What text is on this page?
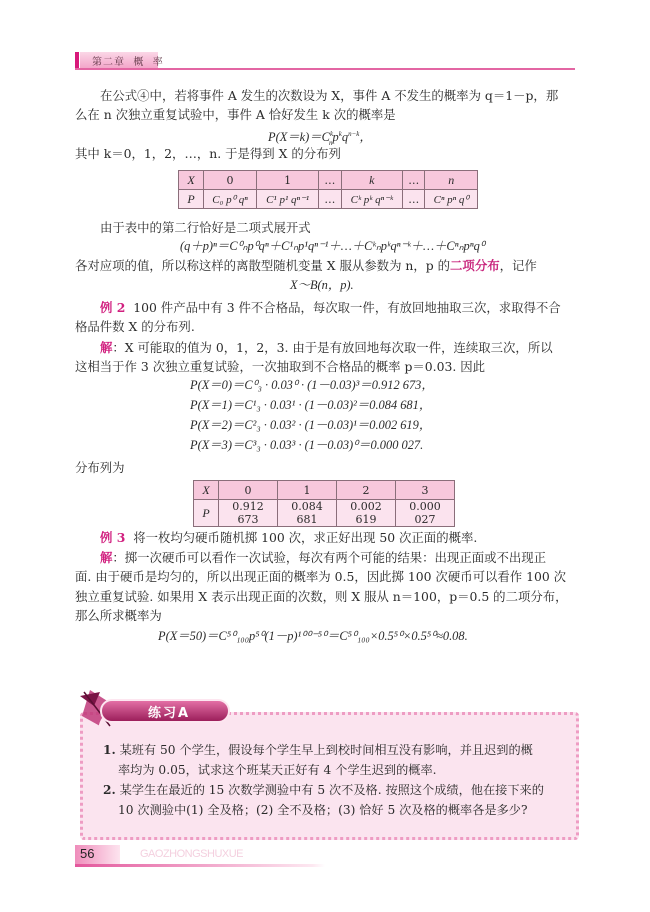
第二章  概  率
在公式④中，若将事件 A 发生的次数设为 X，事件 A 不发生的概率为 q＝1－p，那
么在 n 次独立重复试验中，事件 A 恰好发生 k 次的概率是
$P(X=k)=C^k_np^kq^{n-k}$，
其中 k＝0，1，2，…，n. 于是得到 X 的分布列
X	0	1	…	k	…	n
P	C₀ p⁰ qⁿ	C¹ p¹ qⁿ⁻¹	…	Cᵏ pᵏ qⁿ⁻ᵏ	…	Cⁿ pⁿ q⁰
由于表中的第二行恰好是二项式展开式
(q＋p)ⁿ＝C⁰ₙp⁰qⁿ＋C¹ₙp¹qⁿ⁻¹＋…＋Cᵏₙpᵏqⁿ⁻ᵏ＋…＋Cⁿₙpⁿq⁰
各对应项的值，所以称这样的离散型随机变量 X 服从参数为 n，p 的二项分布，记作
X～B(n，p).
例 2 100 件产品中有 3 件不合格品，每次取一件，有放回地抽取三次，求取得不合
格品件数 X 的分布列.
解：X 可能取的值为 0，1，2，3. 由于是有放回地每次取一件，连续取三次，所以
这相当于作 3 次独立重复试验，一次抽取到不合格品的概率 p＝0.03. 因此
P(X＝0)＝C⁰₃ · 0.03⁰ · (1－0.03)³＝0.912 673，
P(X＝1)＝C¹₃ · 0.03¹ · (1－0.03)²＝0.084 681，
P(X＝2)＝C²₃ · 0.03² · (1－0.03)¹＝0.002 619，
P(X＝3)＝C³₃ · 0.03³ · (1－0.03)⁰＝0.000 027.
分布列为
X	0	1	2	3
P	0.912 673	0.084 681	0.002 619	0.000 027
例 3 将一枚均匀硬币随机掷 100 次，求正好出现 50 次正面的概率.
解：掷一次硬币可以看作一次试验，每次有两个可能的结果：出现正面或不出现正
面. 由于硬币是均匀的，所以出现正面的概率为 0.5，因此掷 100 次硬币可以看作 100 次
独立重复试验. 如果用 X 表示出现正面的次数，则 X 服从 n＝100，p＝0.5 的二项分布，
那么所求概率为
P(X＝50)＝C⁵⁰₁₀₀p⁵⁰(1－p)¹⁰⁰⁻⁵⁰＝C⁵⁰₁₀₀×0.5⁵⁰×0.5⁵⁰≈0.08.
练习A
1. 某班有 50 个学生，假设每个学生早上到校时间相互没有影响，并且迟到的概
率均为 0.05，试求这个班某天正好有 4 个学生迟到的概率.
2. 某学生在最近的 15 次数学测验中有 5 次不及格. 按照这个成绩，他在接下来的
10 次测验中(1) 全及格；(2) 全不及格；(3) 恰好 5 次及格的概率各是多少?
56	GAOZHONGSHUXUE
